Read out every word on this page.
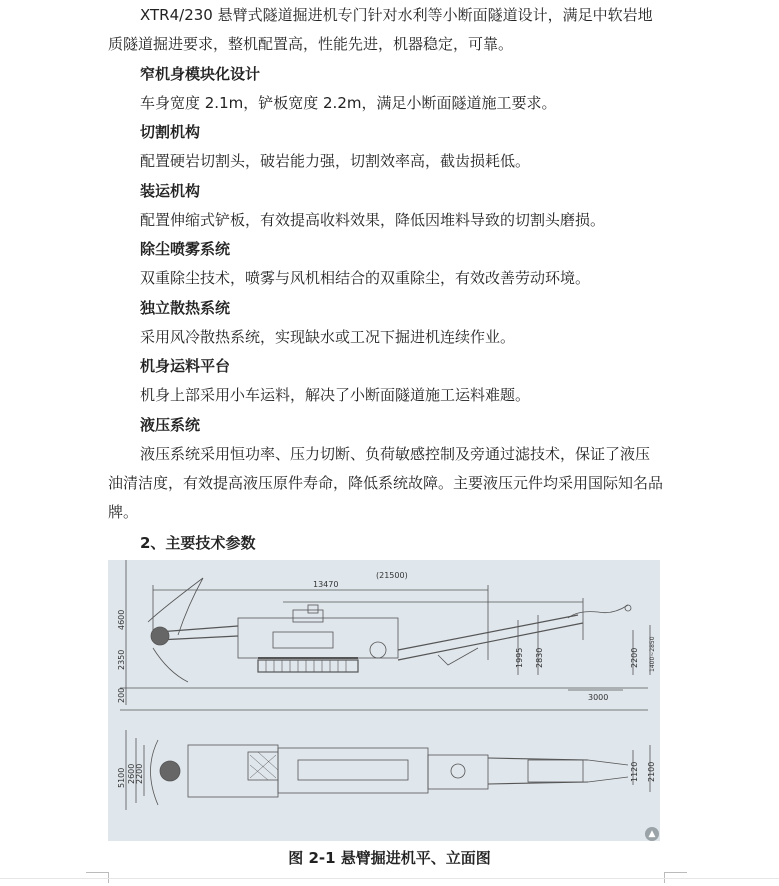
XTR4/230 悬臂式隧道掘进机专门针对水利等小断面隧道设计，满足中软岩地质隧道掘进要求，整机配置高，性能先进，机器稳定，可靠。

窄机身模块化设计
车身宽度 2.1m，铲板宽度 2.2m，满足小断面隧道施工要求。
切割机构
配置硬岩切割头，破岩能力强，切割效率高，截齿损耗低。
装运机构
配置伸缩式铲板，有效提高收料效果，降低因堆料导致的切割头磨损。
除尘喷雾系统
双重除尘技术，喷雾与风机相结合的双重除尘，有效改善劳动环境。
独立散热系统
采用风冷散热系统，实现缺水或工况下掘进机连续作业。
机身运料平台
机身上部采用小车运料，解决了小断面隧道施工运料难题。
液压系统

液压系统采用恒功率、压力切断、负荷敏感控制及旁通过滤技术，保证了液压油清洁度，有效提高液压原件寿命，降低系统故障。主要液压元件均采用国际知名品牌。

2、主要技术参数
13470
(21500)
4600
2350
200
1995 2830	2200 1400~2850
3000
5100 2600 2200	1120 2100
▲
图 2-1 悬臂掘进机平、立面图
